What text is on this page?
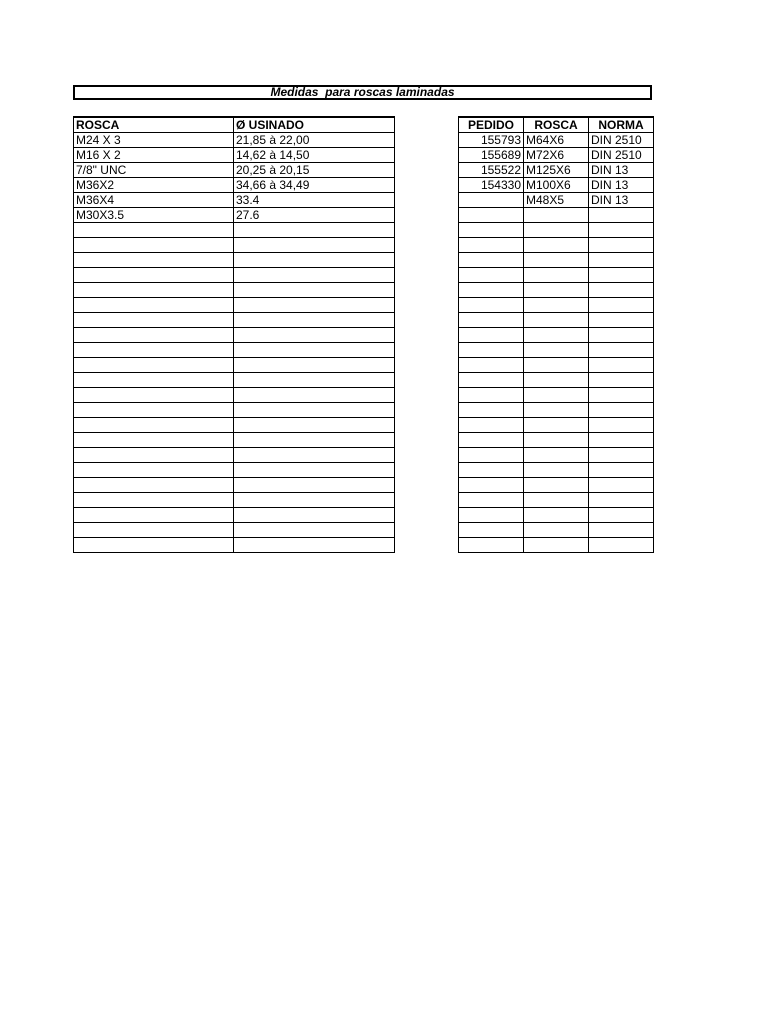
Medidas  para roscas laminadas
ROSCA	Ø USINADO
M24 X 3	21,85 à 22,00
M16 X 2	14,62 à 14,50
7/8" UNC	20,25 à 20,15
M36X2	34,66 à 34,49
M36X4	33.4
M30X3.5	27.6

PEDIDO	ROSCA	NORMA
155793	M64X6	DIN 2510
155689	M72X6	DIN 2510
155522	M125X6	DIN 13
154330	M100X6	DIN 13
	M48X5	DIN 13
